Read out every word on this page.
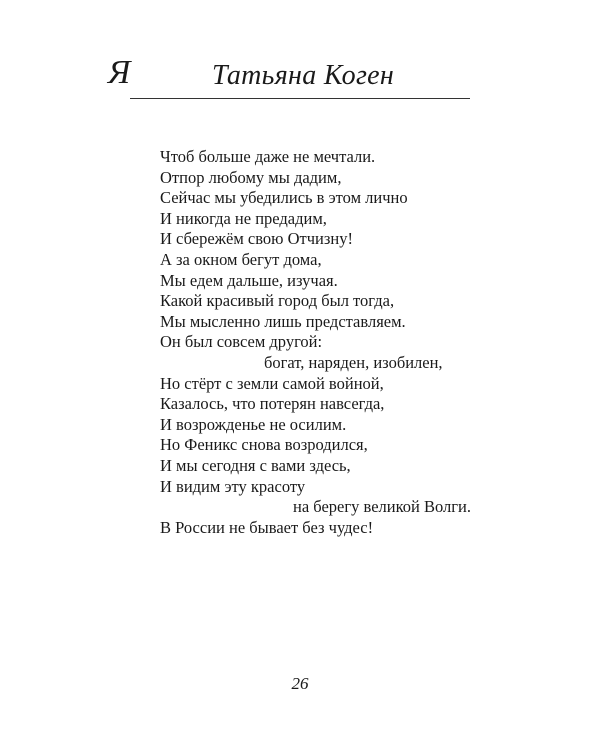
Я	Татьяна Коген
Чтоб больше даже не мечтали.
Отпор любому мы дадим,
Сейчас мы убедились в этом лично
И никогда не предадим,
И сбережём свою Отчизну!
А за окном бегут дома,
Мы едем дальше, изучая.
Какой красивый город был тогда,
Мы мысленно лишь представляем.
Он был совсем другой:
богат, наряден, изобилен,
Но стёрт с земли самой войной,
Казалось, что потерян навсегда,
И возрожденье не осилим.
Но Феникс снова возродился,
И мы сегодня с вами здесь,
И видим эту красоту
на берегу великой Волги.
В России не бывает без чудес!
26
